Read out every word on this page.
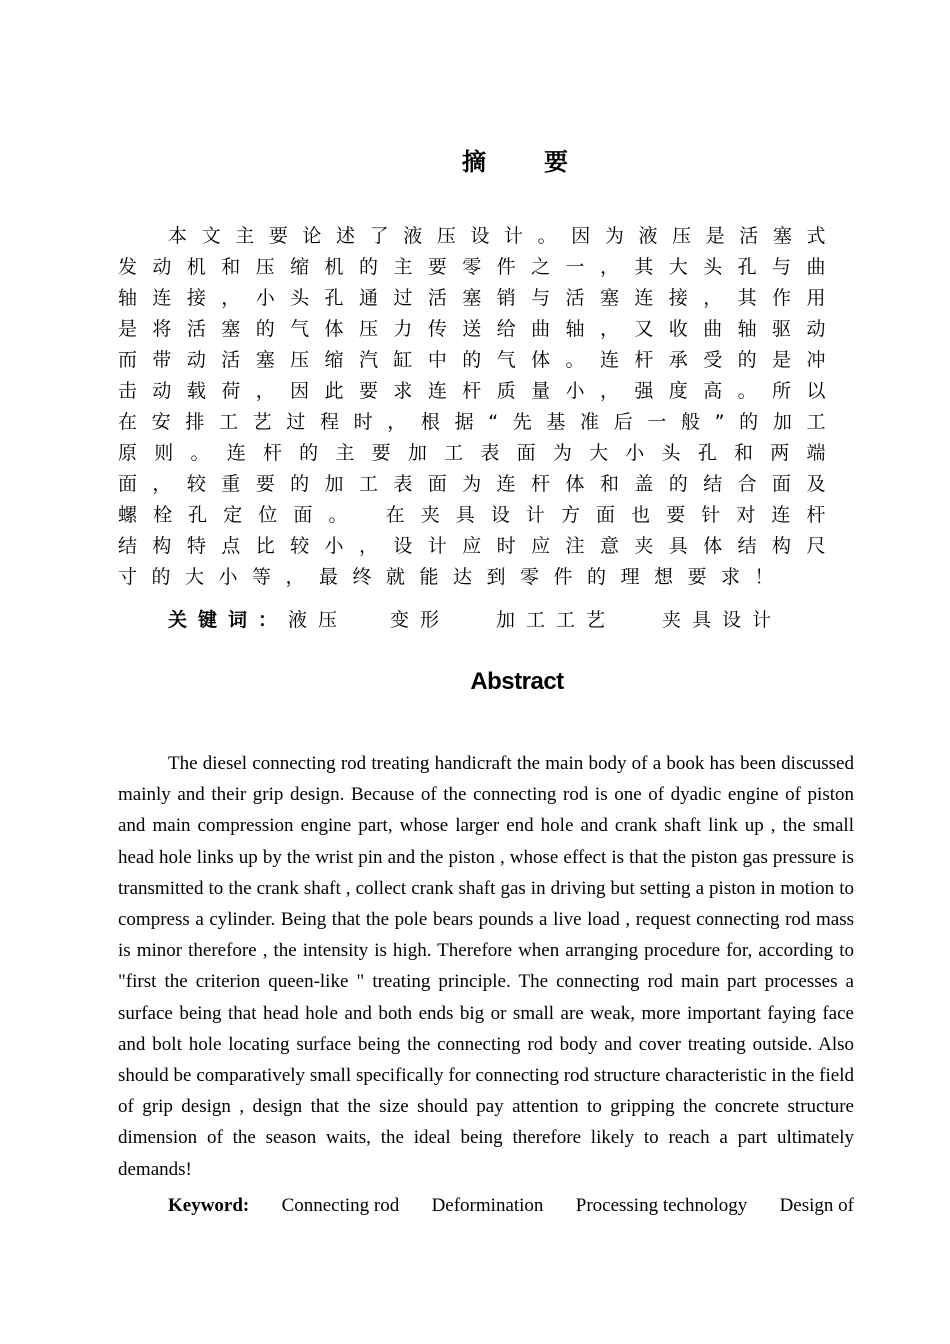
摘 要
本文主要论述了液压设计。因为液压是活塞式发动机和压缩机的主要零件之一，其大头孔与曲轴连接，小头孔通过活塞销与活塞连接，其作用是将活塞的气体压力传送给曲轴，又收曲轴驱动而带动活塞压缩汽缸中的气体。连杆承受的是冲击动载荷，因此要求连杆质量小，强度高。所以在安排工艺过程时，根据“先基准后一般”的加工原则。连杆的主要加工表面为大小头孔和两端面，较重要的加工表面为连杆体和盖的结合面及螺栓孔定位面。 在夹具设计方面也要针对连杆结构特点比较小，设计应时应注意夹具体结构尺寸的大小等，最终就能达到零件的理想要求！
关键词：液压 变形 加工工艺 夹具设计
Abstract
The diesel connecting rod treating handicraft the main body of a book has been discussed mainly and their grip design. Because of the connecting rod is one of dyadic engine of piston and main compression engine part, whose larger end hole and crank shaft link up , the small head hole links up by the wrist pin and the piston , whose effect is that the piston gas pressure is transmitted to the crank shaft , collect crank shaft gas in driving but setting a piston in motion to compress a cylinder. Being that the pole bears pounds a live load , request connecting rod mass is minor therefore , the intensity is high. Therefore when arranging procedure for, according to "first the criterion queen-like " treating principle. The connecting rod main part processes a surface being that head hole and both ends big or small are weak, more important faying face and bolt hole locating surface being the connecting rod body and cover treating outside. Also should be comparatively small specifically for connecting rod structure characteristic in the field of grip design , design that the size should pay attention to gripping the concrete structure dimension of the season waits, the ideal being therefore likely to reach a part ultimately demands!
Keyword: Connecting rod Deformination Processing technology Design of
